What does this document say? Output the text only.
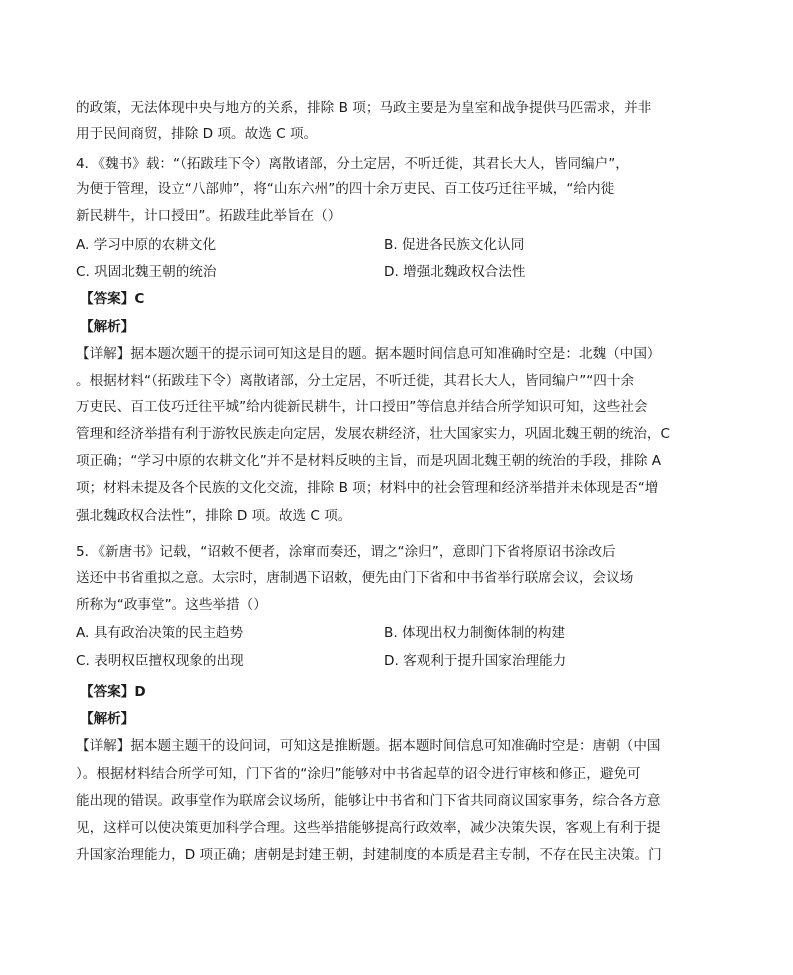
的政策，无法体现中央与地方的关系，排除 B 项；马政主要是为皇室和战争提供马匹需求，并非
用于民间商贸，排除 D 项。故选 C 项。
4．《魏书》载：“（拓跋珪下令）离散诸部，分土定居，不听迁徙，其君长大人，皆同编户”，
为便于管理，设立“八部帅”，将“山东六州”的四十余万吏民、百工伎巧迁往平城，“给内徙
新民耕牛，计口授田”。拓跋珪此举旨在（）
A. 学习中原的农耕文化	B. 促进各民族文化认同
C. 巩固北魏王朝的统治	D. 增强北魏政权合法性
【答案】C
【解析】
【详解】据本题次题干的提示词可知这是目的题。据本题时间信息可知准确时空是：北魏（中国）
。根据材料“（拓跋珪下令）离散诸部，分土定居，不听迁徙，其君长大人，皆同编户”“四十余
万吏民、百工伎巧迁往平城”给内徙新民耕牛，计口授田”等信息并结合所学知识可知，这些社会
管理和经济举措有利于游牧民族走向定居，发展农耕经济，壮大国家实力，巩固北魏王朝的统治，C
项正确；“学习中原的农耕文化”并不是材料反映的主旨，而是巩固北魏王朝的统治的手段，排除 A
项；材料未提及各个民族的文化交流，排除 B 项；材料中的社会管理和经济举措并未体现是否“增
强北魏政权合法性”，排除 D 项。故选 C 项。
5．《新唐书》记载，“诏敕不便者，涂窜而奏还，谓之“涂归”，意即门下省将原诏书涂改后
送还中书省重拟之意。太宗时，唐制遇下诏敕，便先由门下省和中书省举行联席会议，会议场
所称为“政事堂”。这些举措（）
A. 具有政治决策的民主趋势	B. 体现出权力制衡体制的构建
C. 表明权臣擅权现象的出现	D. 客观利于提升国家治理能力
【答案】D
【解析】
【详解】据本题主题干的设问词，可知这是推断题。据本题时间信息可知准确时空是：唐朝（中国
）。根据材料结合所学可知，门下省的“涂归”能够对中书省起草的诏令进行审核和修正，避免可
能出现的错误。政事堂作为联席会议场所，能够让中书省和门下省共同商议国家事务，综合各方意
见，这样可以使决策更加科学合理。这些举措能够提高行政效率，减少决策失误，客观上有利于提
升国家治理能力，D 项正确；唐朝是封建王朝，封建制度的本质是君主专制，不存在民主决策。门
